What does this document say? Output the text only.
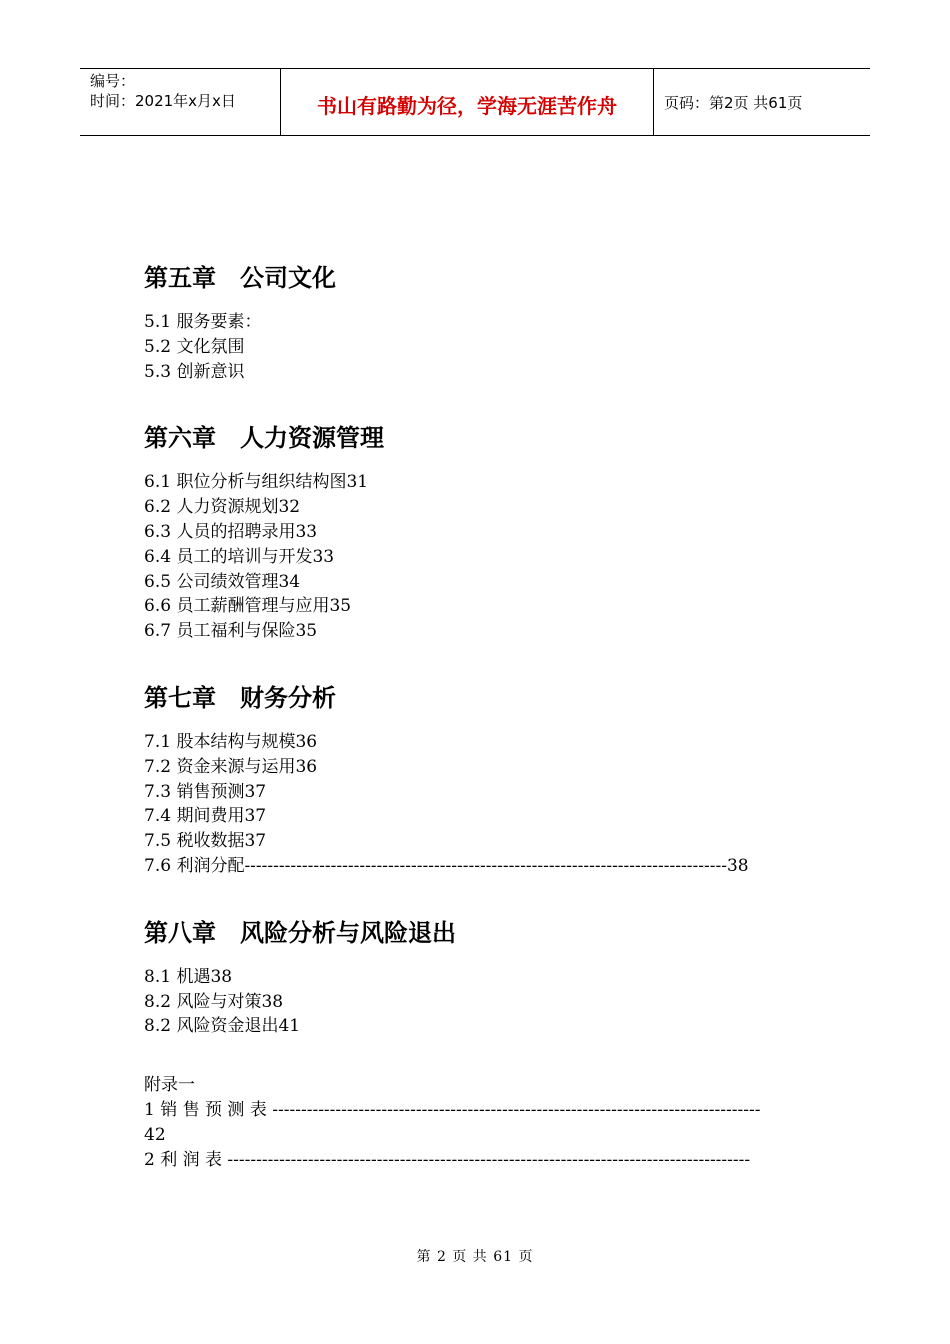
编号：
时间：2021年x月x日	书山有路勤为径，学海无涯苦作舟	页码：第2页 共61页
第五章　公司文化
5.1 服务要素：
5.2 文化氛围
5.3 创新意识
第六章　人力资源管理
6.1 职位分析与组织结构图31
6.2 人力资源规划32
6.3 人员的招聘录用33
6.4 员工的培训与开发33
6.5 公司绩效管理34
6.6 员工薪酬管理与应用35
6.7 员工福利与保险35
第七章　财务分析
7.1 股本结构与规模36
7.2 资金来源与运用36
7.3 销售预测37
7.4 期间费用37
7.5 税收数据37
7.6 利润分配------------------------------------------------------------------------------------38
第八章　风险分析与风险退出
8.1 机遇38
8.2 风险与对策38
8.2 风险资金退出41
附录一
1 销 售 预 测 表 -------------------------------------------------------------------------------------
42
2 利 润 表 -------------------------------------------------------------------------------------------
第 2 页 共 61 页
